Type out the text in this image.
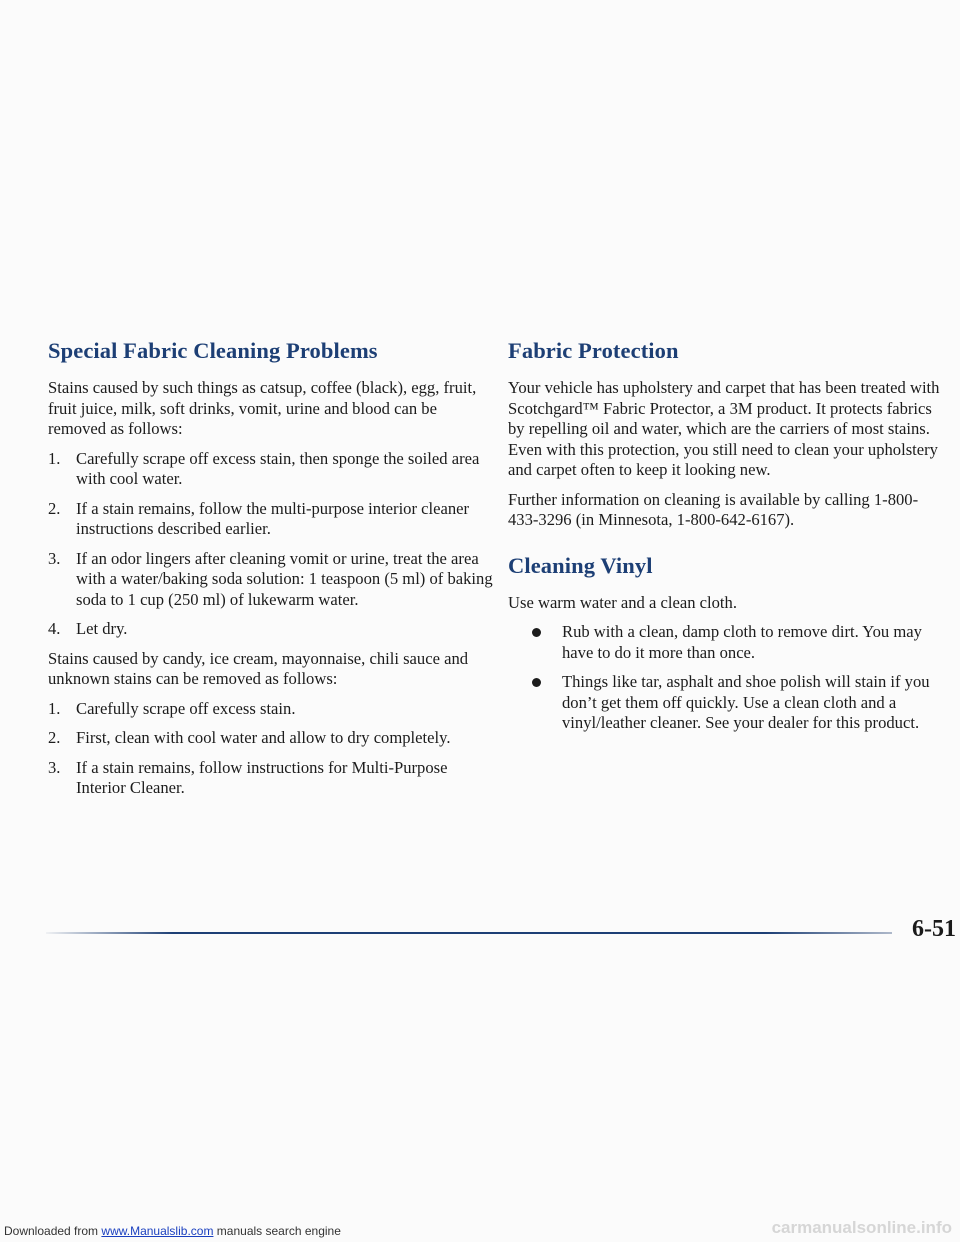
Special Fabric Cleaning Problems

Stains caused by such things as catsup, coffee (black), egg, fruit, fruit juice, milk, soft drinks, vomit, urine and blood can be removed as follows:

1. Carefully scrape off excess stain, then sponge the soiled area with cool water.
2. If a stain remains, follow the multi-purpose interior cleaner instructions described earlier.
3. If an odor lingers after cleaning vomit or urine, treat the area with a water/baking soda solution: 1 teaspoon (5 ml) of baking soda to 1 cup (250 ml) of lukewarm water.
4. Let dry.

Stains caused by candy, ice cream, mayonnaise, chili sauce and unknown stains can be removed as follows:

1. Carefully scrape off excess stain.
2. First, clean with cool water and allow to dry completely.
3. If a stain remains, follow instructions for Multi-Purpose Interior Cleaner.
Fabric Protection

Your vehicle has upholstery and carpet that has been treated with Scotchgard™ Fabric Protector, a 3M product. It protects fabrics by repelling oil and water, which are the carriers of most stains. Even with this protection, you still need to clean your upholstery and carpet often to keep it looking new.

Further information on cleaning is available by calling 1-800-433-3296 (in Minnesota, 1-800-642-6167).

Cleaning Vinyl

Use warm water and a clean cloth.

Rub with a clean, damp cloth to remove dirt. You may have to do it more than once.
Things like tar, asphalt and shoe polish will stain if you don’t get them off quickly. Use a clean cloth and a vinyl/leather cleaner. See your dealer for this product.
6-51
Downloaded from www.Manualslib.com manuals search engine	carmanualsonline.info
